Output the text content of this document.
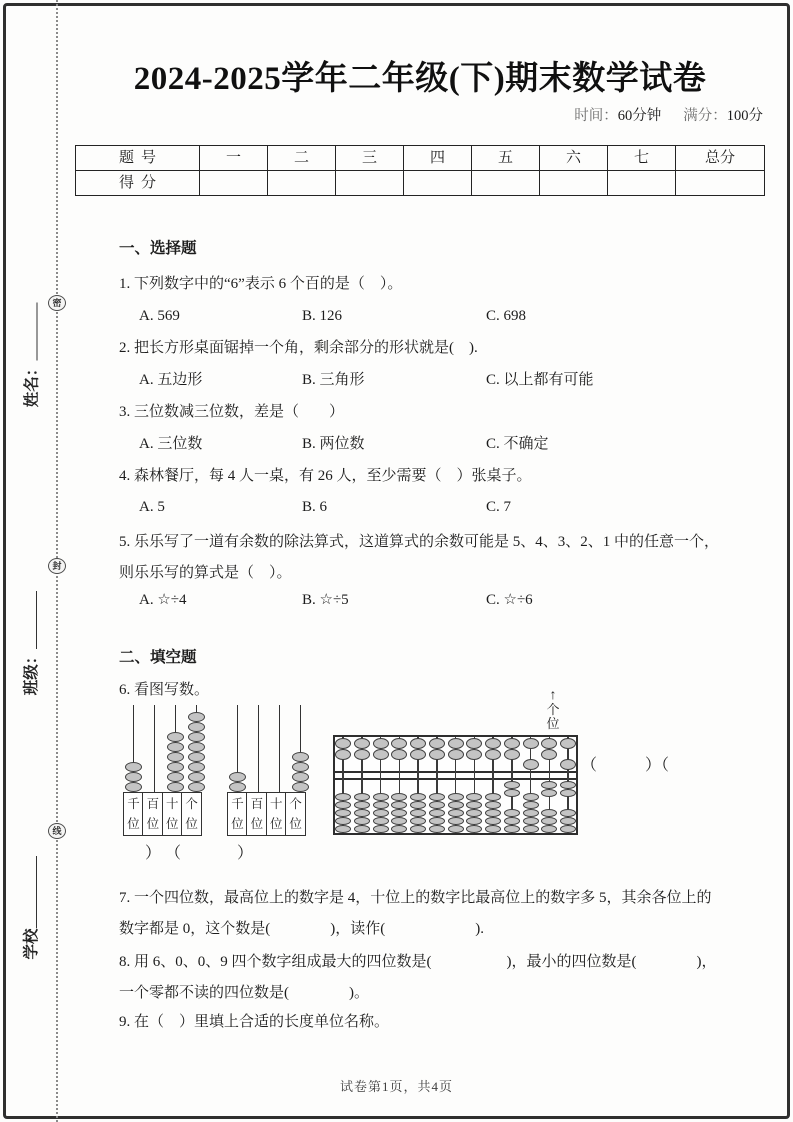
密
封
线
姓名：
班级：
学校
2024-2025学年二年级(下)期末数学试卷
时间：60分钟 满分：100分
题号	一	二	三	四	五	六	七	总分
得分								
一、选择题
1. 下列数字中的“6”表示 6 个百的是（　）。
A. 569	B. 126	C. 698
2. 把长方形桌面锯掉一个角，剩余部分的形状就是(　).
A. 五边形	B. 三角形	C. 以上都有可能
3. 三位数减三位数，差是（　　）
A. 三位数	B. 两位数	C. 不确定
4. 森林餐厅，每 4 人一桌，有 26 人，至少需要（　）张桌子。
A. 5	B. 6	C. 7
5. 乐乐写了一道有余数的除法算式，这道算式的余数可能是 5、4、3、2、1 中的任意一个，
则乐乐写的算式是（　）。
A. ☆÷4	B. ☆÷5	C. ☆÷6
二、填空题
6. 看图写数。
千位
百位
十位
个位
千位
百位
十位
个位
↑
个位
）　（　　　）
（　　　）（
7. 一个四位数，最高位上的数字是 4，十位上的数字比最高位上的数字多 5，其余各位上的
数字都是 0，这个数是(　　　　)，读作(　　　　　　).
8. 用 6、0、0、9 四个数字组成最大的四位数是(　　　　　)，最小的四位数是(　　　　)，
一个零都不读的四位数是(　　　　)。
9. 在（　）里填上合适的长度单位名称。
试卷第1页，共4页
